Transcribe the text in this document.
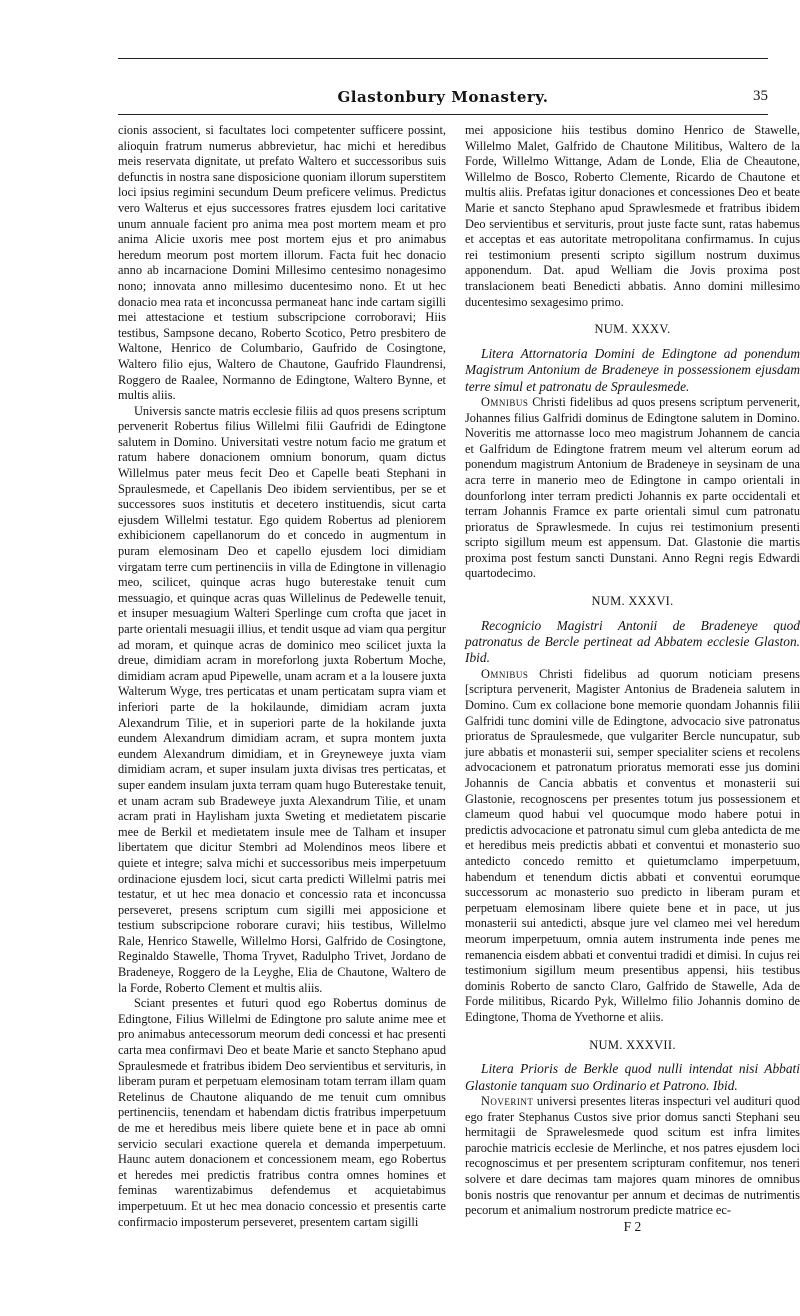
Glastonbury Monastery.	35

cionis associent, si facultates loci competenter sufficere possint, alioquin fratrum numerus abbrevietur, hac michi et heredibus meis reservata dignitate, ut prefato Waltero et successoribus suis defunctis in nostra sane disposicione quoniam illorum superstitem loci ipsius regimini secundum Deum preficere velimus. Predictus vero Walterus et ejus successores fratres ejusdem loci caritative unum annuale facient pro anima mea post mortem meam et pro anima Alicie uxoris mee post mortem ejus et pro animabus heredum meorum post mortem illorum. Facta fuit hec donacio anno ab incarnacione Domini Millesimo centesimo nonagesimo nono; innovata anno millesimo ducentesimo nono. Et ut hec donacio mea rata et inconcussa permaneat hanc inde cartam sigilli mei attestacione et testium subscripcione corroboravi; Hiis testibus, Sampsone decano, Roberto Scotico, Petro presbitero de Waltone, Henrico de Columbario, Gaufrido de Cosingtone, Waltero filio ejus, Waltero de Chautone, Gaufrido Flaundrensi, Roggero de Raalee, Normanno de Edingtone, Waltero Bynne, et multis aliis.

Universis sancte matris ecclesie filiis ad quos presens scriptum pervenerit Robertus filius Willelmi filii Gaufridi de Edingtone salutem in Domino. Universitati vestre notum facio me gratum et ratum habere donacionem omnium bonorum, quam dictus Willelmus pater meus fecit Deo et Capelle beati Stephani in Spraulesmede, et Capellanis Deo ibidem servientibus, per se et successores suos institutis et decetero instituendis, sicut carta ejusdem Willelmi testatur. Ego quidem Robertus ad pleniorem exhibicionem capellanorum do et concedo in augmentum in puram elemosinam Deo et capello ejusdem loci dimidiam virgatam terre cum pertinenciis in villa de Edingtone in villenagio meo, scilicet, quinque acras hugo buterestake tenuit cum messuagio, et quinque acras quas Willelinus de Pedewelle tenuit, et insuper mesuagium Walteri Sperlinge cum crofta que jacet in parte orientali mesuagii illius, et tendit usque ad viam qua pergitur ad moram, et quinque acras de dominico meo scilicet juxta la dreue, dimidiam acram in moreforlong juxta Robertum Moche, dimidiam acram apud Pipewelle, unam acram et a la lousere juxta Walterum Wyge, tres perticatas et unam perticatam supra viam et inferiori parte de la hokilaunde, dimidiam acram juxta Alexandrum Tilie, et in superiori parte de la hokilande juxta eundem Alexandrum dimidiam acram, et supra montem juxta eundem Alexandrum dimidiam, et in Greyneweye juxta viam dimidiam acram, et super insulam juxta divisas tres perticatas, et super eandem insulam juxta terram quam hugo Buterestake tenuit, et unam acram sub Bradeweye juxta Alexandrum Tilie, et unam acram prati in Haylisham juxta Sweting et medietatem piscarie mee de Berkil et medietatem insule mee de Talham et insuper libertatem que dicitur Stembri ad Molendinos meos libere et quiete et integre; salva michi et successoribus meis imperpetuum ordinacione ejusdem loci, sicut carta predicti Willelmi patris mei testatur, et ut hec mea donacio et concessio rata et inconcussa perseveret, presens scriptum cum sigilli mei apposicione et testium subscripcione roborare curavi; hiis testibus, Willelmo Rale, Henrico Stawelle, Willelmo Horsi, Galfrido de Cosingtone, Reginaldo Stawelle, Thoma Tryvet, Radulpho Trivet, Jordano de Bradeneye, Roggero de la Leyghe, Elia de Chautone, Waltero de la Forde, Roberto Clement et multis aliis.

Sciant presentes et futuri quod ego Robertus dominus de Edingtone, Filius Willelmi de Edingtone pro salute anime mee et pro animabus antecessorum meorum dedi concessi et hac presenti carta mea confirmavi Deo et beate Marie et sancto Stephano apud Spraulesmede et fratribus ibidem Deo servientibus et servituris, in liberam puram et perpetuam elemosinam totam terram illam quam Retelinus de Chautone aliquando de me tenuit cum omnibus pertinenciis, tenendam et habendam dictis fratribus imperpetuum de me et heredibus meis libere quiete bene et in pace ab omni servicio seculari exactione querela et demanda imperpetuum. Haunc autem donacionem et concessionem meam, ego Robertus et heredes mei predictis fratribus contra omnes homines et feminas warentizabimus defendemus et acquietabimus imperpetuum. Et ut hec mea donacio concessio et presentis carte confirmacio imposterum perseveret, presentem cartam sigilli

mei apposicione hiis testibus domino Henrico de Stawelle, Willelmo Malet, Galfrido de Chautone Militibus, Waltero de la Forde, Willelmo Wittange, Adam de Londe, Elia de Cheautone, Willelmo de Bosco, Roberto Clemente, Ricardo de Chautone et multis aliis. Prefatas igitur donaciones et concessiones Deo et beate Marie et sancto Stephano apud Sprawlesmede et fratribus ibidem Deo servientibus et servituris, prout juste facte sunt, ratas habemus et acceptas et eas autoritate metropolitana confirmamus. In cujus rei testimonium presenti scripto sigillum nostrum duximus apponendum. Dat. apud Welliam die Jovis proxima post translacionem beati Benedicti abbatis. Anno domini millesimo ducentesimo sexagesimo primo.

NUM. XXXV.

Litera Attornatoria Domini de Edingtone ad ponendum Magistrum Antonium de Bradeneye in possessionem ejusdam terre simul et patronatu de Spraulesmede.

Omnibus Christi fidelibus ad quos presens scriptum pervenerit, Johannes filius Galfridi dominus de Edingtone salutem in Domino. Noveritis me attornasse loco meo magistrum Johannem de cancia et Galfridum de Edingtone fratrem meum vel alterum eorum ad ponendum magistrum Antonium de Bradeneye in seysinam de una acra terre in manerio meo de Edingtone in campo orientali in dounforlong inter terram predicti Johannis ex parte occidentali et terram Johannis Framce ex parte orientali simul cum patronatu prioratus de Sprawlesmede. In cujus rei testimonium presenti scripto sigillum meum est appensum. Dat. Glastonie die martis proxima post festum sancti Dunstani. Anno Regni regis Edwardi quartodecimo.

NUM. XXXVI.

Recognicio Magistri Antonii de Bradeneye quod patronatus de Bercle pertineat ad Abbatem ecclesie Glaston. Ibid.

Omnibus Christi fidelibus ad quorum noticiam presens [scriptura pervenerit, Magister Antonius de Bradeneia salutem in Domino. Cum ex collacione bone memorie quondam Johannis filii Galfridi tunc domini ville de Edingtone, advocacio sive patronatus prioratus de Spraulesmede, que vulgariter Bercle nuncupatur, sub jure abbatis et monasterii sui, semper specialiter sciens et recolens advocacionem et patronatum prioratus memorati esse jus domini Johannis de Cancia abbatis et conventus et monasterii sui Glastonie, recognoscens per presentes totum jus possessionem et clameum quod habui vel quocumque modo habere potui in predictis advocacione et patronatu simul cum gleba antedicta de me et heredibus meis predictis abbati et conventui et monasterio suo antedicto concedo remitto et quietumclamo imperpetuum, habendum et tenendum dictis abbati et conventui eorumque successorum ac monasterio suo predicto in liberam puram et perpetuam elemosinam libere quiete bene et in pace, ut jus monasterii sui antedicti, absque jure vel clameo mei vel heredum meorum imperpetuum, omnia autem instrumenta inde penes me remanencia eisdem abbati et conventui tradidi et dimisi. In cujus rei testimonium sigillum meum presentibus appensi, hiis testibus dominis Roberto de sancto Claro, Galfrido de Stawelle, Ada de Forde militibus, Ricardo Pyk, Willelmo filio Johannis domino de Edingtone, Thoma de Yvethorne et aliis.

NUM. XXXVII.

Litera Prioris de Berkle quod nulli intendat nisi Abbati Glastonie tanquam suo Ordinario et Patrono. Ibid.

Noverint universi presentes literas inspecturi vel audituri quod ego frater Stephanus Custos sive prior domus sancti Stephani seu hermitagii de Sprawelesmede quod scitum est infra limites parochie matricis ecclesie de Merlinche, et nos patres ejusdem loci recognoscimus et per presentem scripturam confitemur, nos teneri solvere et dare decimas tam majores quam minores de omnibus bonis nostris que renovantur per annum et decimas de nutrimentis pecorum et animalium nostrorum predicte matrice ec-

F 2
